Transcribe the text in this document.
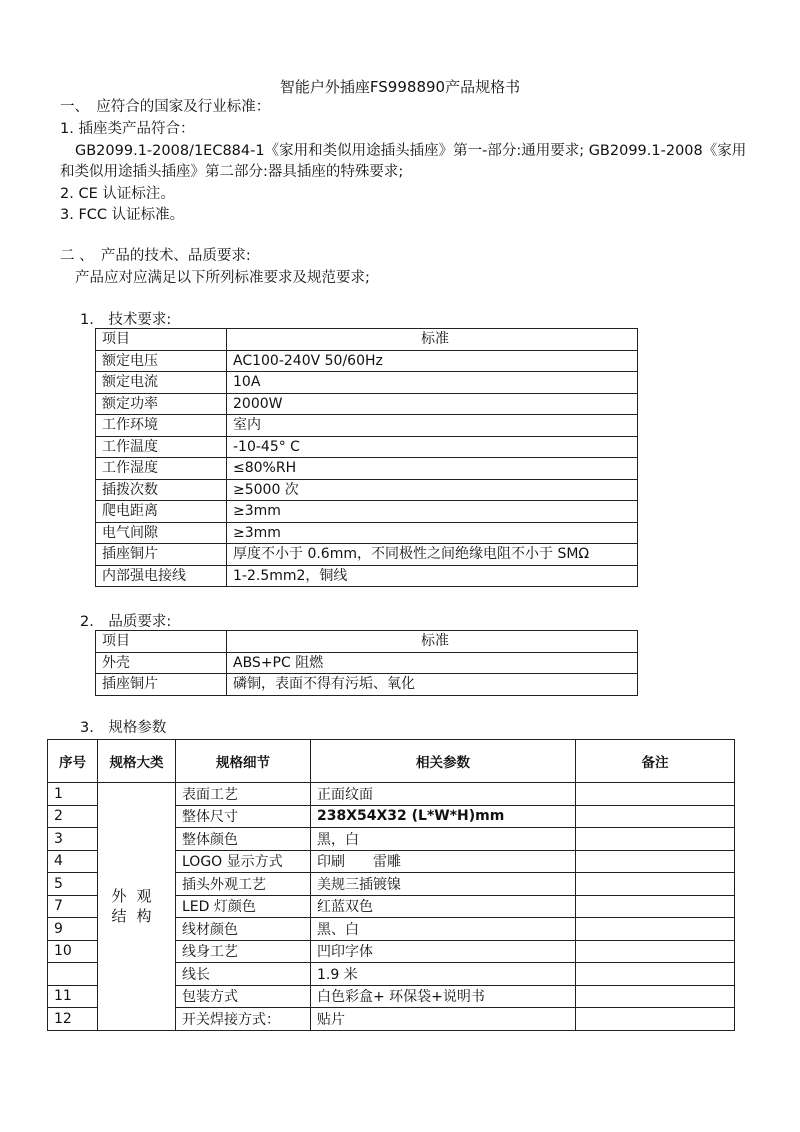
智能户外插座FS998890产品规格书
一、　应符合的国家及行业标准：
1. 插座类产品符合：
GB2099.1-2008/1EC884-1《家用和类似用途插头插座》第一-部分:通用要求; GB2099.1-2008《家用
和类似用途插头插座》第二部分:器具插座的特殊要求;
2. CE 认证标注。
3. FCC 认证标准。
二 、　产品的技术、品质要求:
产品应对应满足以下所列标准要求及规范要求;
1.　技术要求:
项目	标准
额定电压	AC100-240V 50/60Hz
额定电流	10A
额定功率	2000W
工作环境	室内
工作温度	-10-45° C
工作湿度	≤80%RH
插拨次数	≥5000 次
爬电距离	≥3mm
电气间隙	≥3mm
插座铜片	厚度不小于 0.6mm，不同极性之间绝缘电阻不小于 SMΩ
内部强电接线	1-2.5mm2，铜线
2.　品质要求:
项目	标准
外壳	ABS+PC 阻燃
插座铜片	磷铜，表面不得有污垢、氧化
3.　规格参数
序号	规格大类	规格细节	相关参数	备注
1	外观结构	表面工艺	正面纹面	
2		整体尺寸	238X54X32 (L*W*H)mm	
3		整体颜色	黑，白	
4		LOGO 显示方式	印刷　　雷雕	
5		插头外观工艺	美规三插镀镍	
7		LED 灯颜色	红蓝双色	
9		线材颜色	黑、白	
10		线身工艺	凹印字体	
		线长	1.9 米	
11		包装方式	白色彩盒+ 环保袋+说明书	
12		开关焊接方式：	贴片	
